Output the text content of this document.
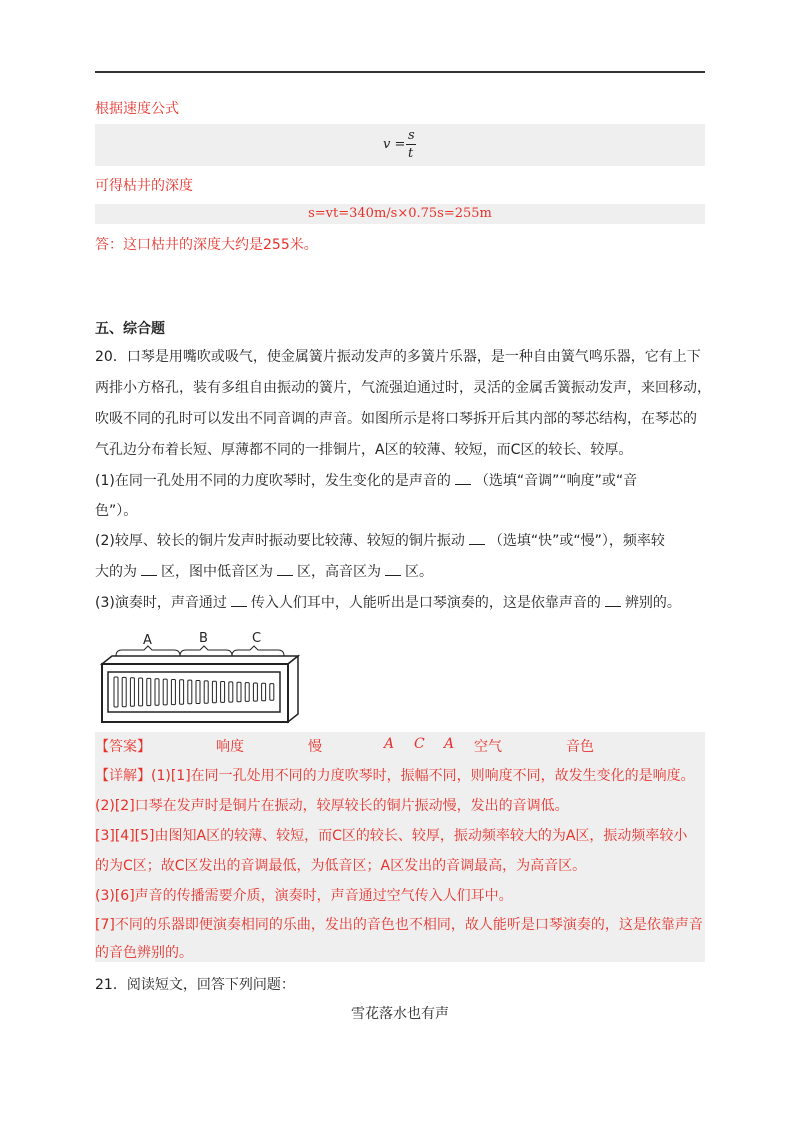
根据速度公式
v =
s
t
可得枯井的深度
s=vt=340m/s×0.75s=255m
答：这口枯井的深度大约是255米。
五、综合题
20．口琴是用嘴吹或吸气，使金属簧片振动发声的多簧片乐器，是一种自由簧气鸣乐器，它有上下
两排小方格孔，装有多组自由振动的簧片，气流强迫通过时，灵活的金属舌簧振动发声，来回移动，
吹吸不同的孔时可以发出不同音调的声音。如图所示是将口琴拆开后其内部的琴芯结构，在琴芯的
气孔边分布着长短、厚薄都不同的一排铜片，A区的较薄、较短，而C区的较长、较厚。
(1)在同一孔处用不同的力度吹琴时，发生变化的是声音的 （选填“音调”“响度”或“音
色”）。
(2)较厚、较长的铜片发声时振动要比较薄、较短的铜片振动 （选填“快”或“慢”），频率较
大的为 区，图中低音区为 区，高音区为 区。
(3)演奏时，声音通过 传入人们耳中，人能听出是口琴演奏的，这是依靠声音的 辨别的。
A	B	C
【答案】	响度	慢	A C A 空气	音色
【详解】(1)[1]在同一孔处用不同的力度吹琴时，振幅不同，则响度不同，故发生变化的是响度。
(2)[2]口琴在发声时是铜片在振动，较厚较长的铜片振动慢，发出的音调低。
[3][4][5]由图知A区的较薄、较短，而C区的较长、较厚，振动频率较大的为A区，振动频率较小
的为C区；故C区发出的音调最低，为低音区；A区发出的音调最高，为高音区。
(3)[6]声音的传播需要介质，演奏时，声音通过空气传入人们耳中。
[7]不同的乐器即便演奏相同的乐曲，发出的音色也不相同，故人能听是口琴演奏的，这是依靠声音
的音色辨别的。
21．阅读短文，回答下列问题：
雪花落水也有声
